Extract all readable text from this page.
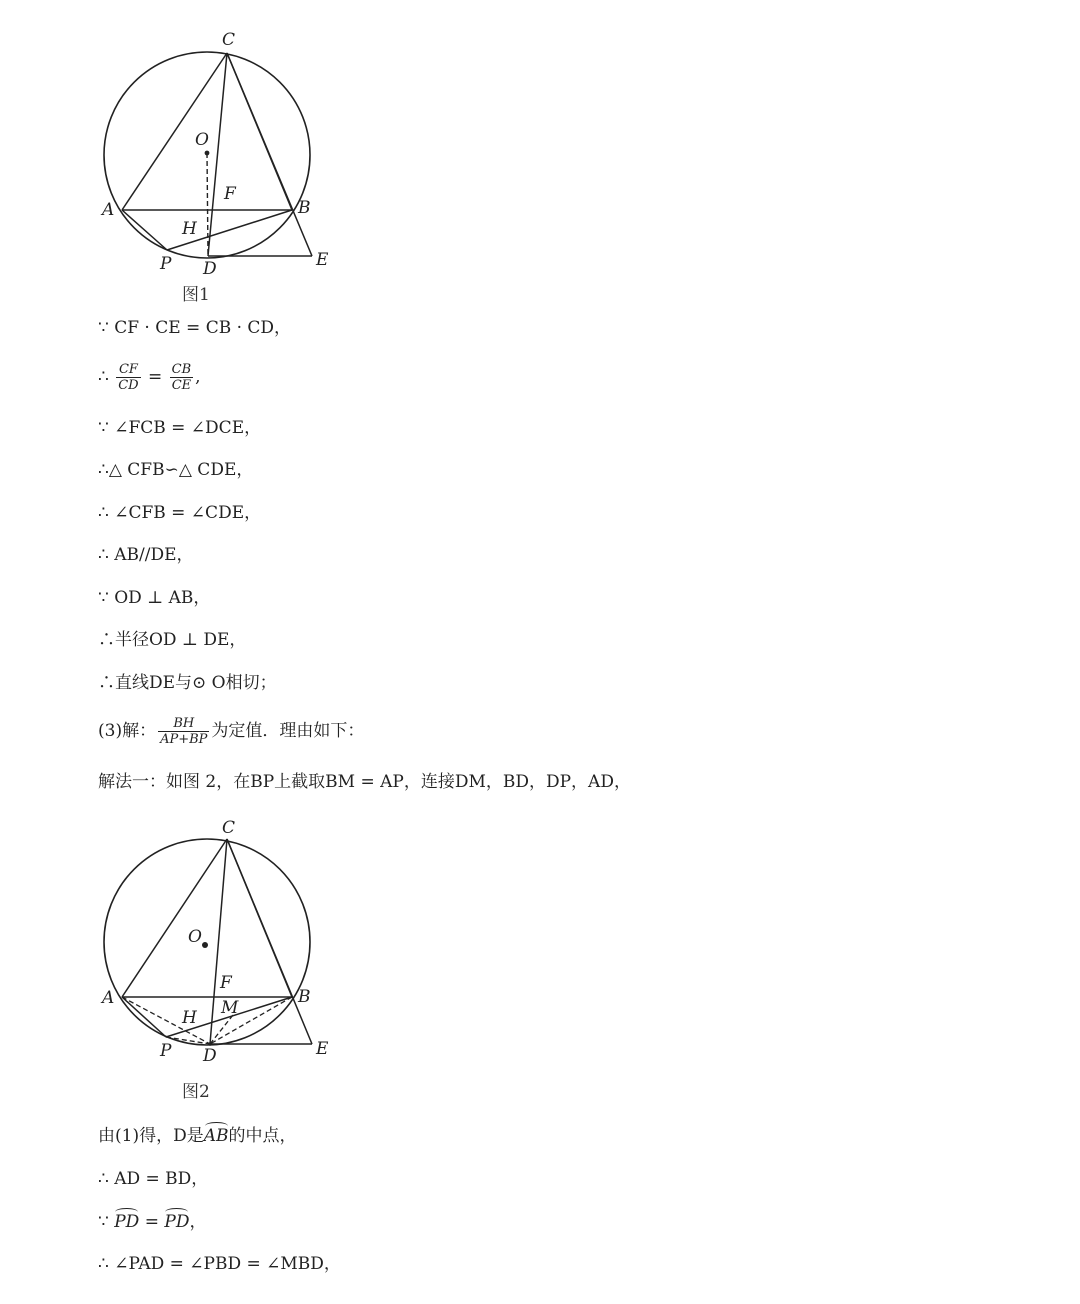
C
O
F
A	B
H
P D	E
图1
∵ CF · CE = CB · CD，
∴ $\frac{CF}{CD} = \frac{CB}{CE}$ ,
∵ ∠FCB = ∠DCE，
∴△ CFB∽△ CDE，
∴ ∠CFB = ∠CDE，
∴ AB//DE，
∵ OD ⊥ AB，
∴半径OD ⊥ DE，
∴直线DE与⊙ O相切；
(3)解： $\frac{BH}{AP+BP}$ 为定值．理由如下：
解法一：如图 2，在BP上截取BM = AP，连接DM，BD，DP，AD，
C
O
F
A	B
M
H
P D	E
图2
由(1)得，D是AB的中点，
∴ AD = BD，
∵ PD = PD，
∴ ∠PAD = ∠PBD = ∠MBD，
